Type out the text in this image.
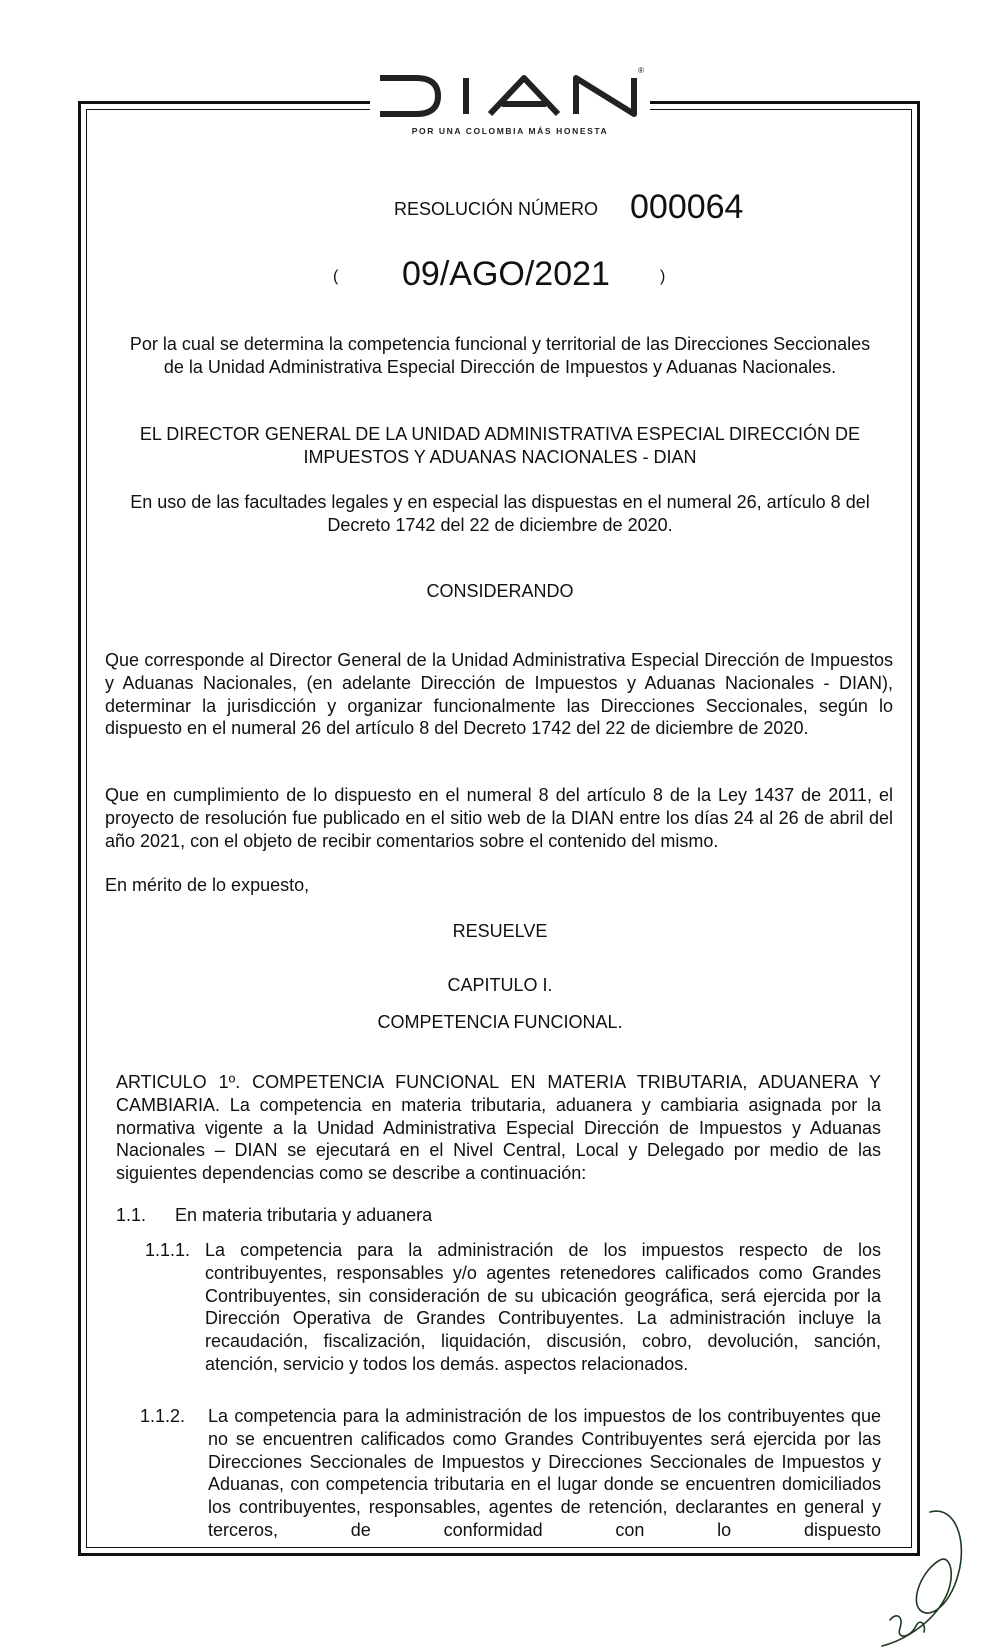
®
POR UNA COLOMBIA MÁS HONESTA
RESOLUCIÓN NÚMERO 000064
( 09/AGO/2021	)
Por la cual se determina la competencia funcional y territorial de las Direcciones Seccionales de la Unidad Administrativa Especial Dirección de Impuestos y Aduanas Nacionales.
EL DIRECTOR GENERAL DE LA UNIDAD ADMINISTRATIVA ESPECIAL DIRECCIÓN DE IMPUESTOS Y ADUANAS NACIONALES - DIAN
En uso de las facultades legales y en especial las dispuestas en el numeral 26, artículo 8 del Decreto 1742 del 22 de diciembre de 2020.
CONSIDERANDO
Que corresponde al Director General de la Unidad Administrativa Especial Dirección de Impuestos y Aduanas Nacionales, (en adelante Dirección de Impuestos y Aduanas Nacionales - DIAN), determinar la jurisdicción y organizar funcionalmente las Direcciones Seccionales, según lo dispuesto en el numeral 26 del artículo 8 del Decreto 1742 del 22 de diciembre de 2020.
Que en cumplimiento de lo dispuesto en el numeral 8 del artículo 8 de la Ley 1437 de 2011, el proyecto de resolución fue publicado en el sitio web de la DIAN entre los días 24 al 26 de abril del año 2021, con el objeto de recibir comentarios sobre el contenido del mismo.
En mérito de lo expuesto,
RESUELVE
CAPITULO I.
COMPETENCIA FUNCIONAL.
ARTICULO 1º. COMPETENCIA FUNCIONAL EN MATERIA TRIBUTARIA, ADUANERA Y CAMBIARIA. La competencia en materia tributaria, aduanera y cambiaria asignada por la normativa vigente a la Unidad Administrativa Especial Dirección de Impuestos y Aduanas Nacionales – DIAN se ejecutará en el Nivel Central, Local y Delegado por medio de las siguientes dependencias como se describe a continuación:
1.1.	En materia tributaria y aduanera
1.1.1. La competencia para la administración de los impuestos respecto de los contribuyentes, responsables y/o agentes retenedores calificados como Grandes Contribuyentes, sin consideración de su ubicación geográfica, será ejercida por la Dirección Operativa de Grandes Contribuyentes. La administración incluye la recaudación, fiscalización, liquidación, discusión, cobro, devolución, sanción, atención, servicio y todos los demás. aspectos relacionados.
1.1.2.	La competencia para la administración de los impuestos de los contribuyentes que no se encuentren calificados como Grandes Contribuyentes será ejercida por las Direcciones Seccionales de Impuestos y Direcciones Seccionales de Impuestos y Aduanas, con competencia tributaria en el lugar donde se encuentren domiciliados los contribuyentes, responsables, agentes de retención, declarantes en general y terceros, de conformidad con lo dispuesto
